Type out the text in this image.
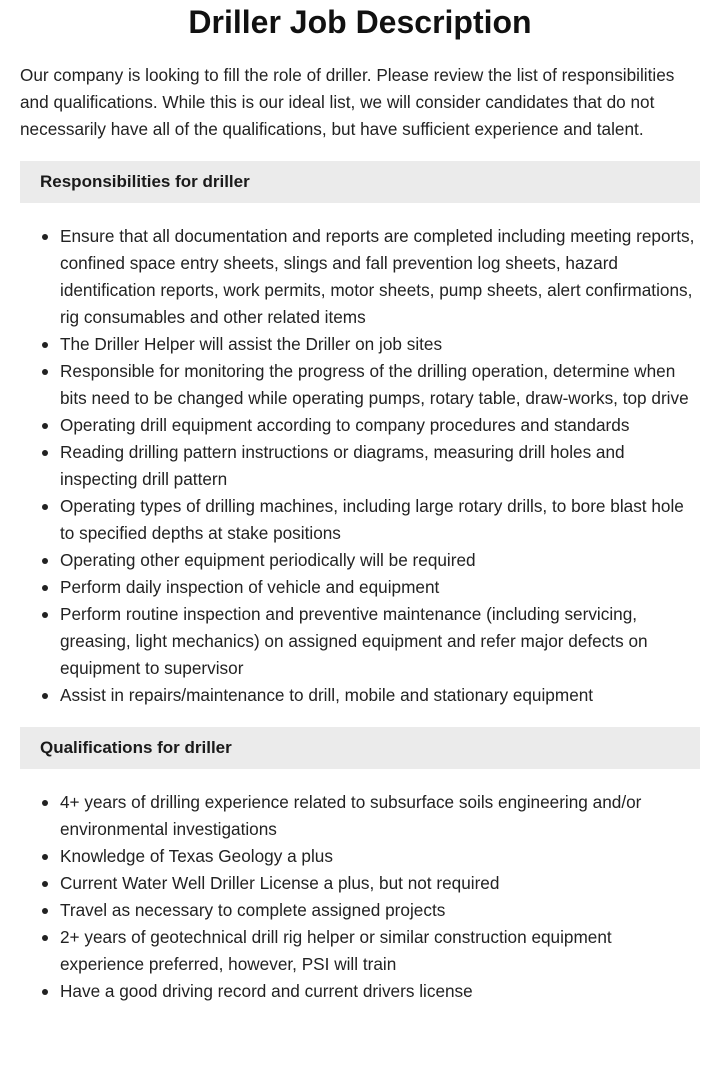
Driller Job Description

Our company is looking to fill the role of driller. Please review the list of responsibilities and qualifications. While this is our ideal list, we will consider candidates that do not necessarily have all of the qualifications, but have sufficient experience and talent.

Responsibilities for driller
Ensure that all documentation and reports are completed including meeting reports, confined space entry sheets, slings and fall prevention log sheets, hazard identification reports, work permits, motor sheets, pump sheets, alert confirmations, rig consumables and other related items
The Driller Helper will assist the Driller on job sites
Responsible for monitoring the progress of the drilling operation, determine when bits need to be changed while operating pumps, rotary table, draw-works, top drive
Operating drill equipment according to company procedures and standards
Reading drilling pattern instructions or diagrams, measuring drill holes and inspecting drill pattern
Operating types of drilling machines, including large rotary drills, to bore blast hole to specified depths at stake positions
Operating other equipment periodically will be required
Perform daily inspection of vehicle and equipment
Perform routine inspection and preventive maintenance (including servicing, greasing, light mechanics) on assigned equipment and refer major defects on equipment to supervisor
Assist in repairs/maintenance to drill, mobile and stationary equipment
Qualifications for driller
4+ years of drilling experience related to subsurface soils engineering and/or environmental investigations
Knowledge of Texas Geology a plus
Current Water Well Driller License a plus, but not required
Travel as necessary to complete assigned projects
2+ years of geotechnical drill rig helper or similar construction equipment experience preferred, however, PSI will train
Have a good driving record and current drivers license
